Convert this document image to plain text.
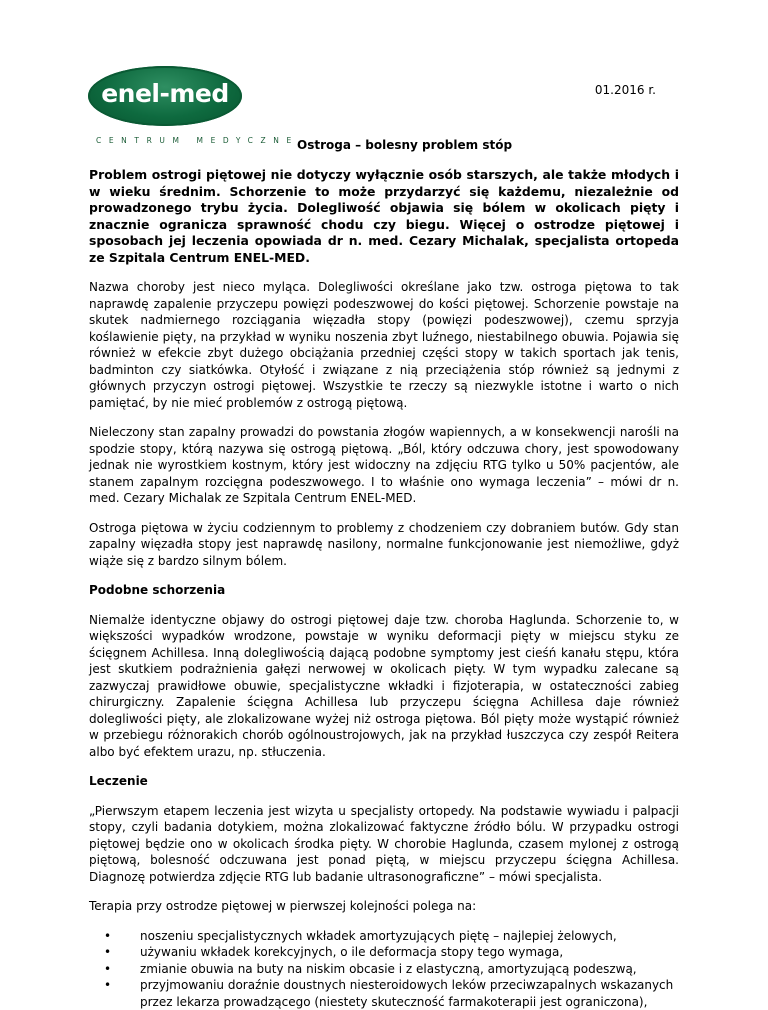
enel-med
CENTRUM MEDYCZNE
01.2016 r.
Ostroga – bolesny problem stóp

Problem ostrogi piętowej nie dotyczy wyłącznie osób starszych, ale także młodych i w wieku średnim. Schorzenie to może przydarzyć się każdemu, niezależnie od prowadzonego trybu życia. Dolegliwość objawia się bólem w okolicach pięty i znacznie ogranicza sprawność chodu czy biegu. Więcej o ostrodze piętowej i sposobach jej leczenia opowiada dr n. med. Cezary Michalak, specjalista ortopeda ze Szpitala Centrum ENEL-MED.

Nazwa choroby jest nieco myląca. Dolegliwości określane jako tzw. ostroga piętowa to tak naprawdę zapalenie przyczepu powięzi podeszwowej do kości piętowej. Schorzenie powstaje na skutek nadmiernego rozciągania więzadła stopy (powięzi podeszwowej), czemu sprzyja koślawienie pięty, na przykład w wyniku noszenia zbyt luźnego, niestabilnego obuwia. Pojawia się również w efekcie zbyt dużego obciążania przedniej części stopy w takich sportach jak tenis, badminton czy siatkówka. Otyłość i związane z nią przeciążenia stóp również są jednymi z głównych przyczyn ostrogi piętowej. Wszystkie te rzeczy są niezwykle istotne i warto o nich pamiętać, by nie mieć problemów z ostrogą piętową.

Nieleczony stan zapalny prowadzi do powstania złogów wapiennych, a w konsekwencji narośli na spodzie stopy, którą nazywa się ostrogą piętową. „Ból, który odczuwa chory, jest spowodowany jednak nie wyrostkiem kostnym, który jest widoczny na zdjęciu RTG tylko u 50% pacjentów, ale stanem zapalnym rozcięgna podeszwowego. I to właśnie ono wymaga leczenia” – mówi dr n. med. Cezary Michalak ze Szpitala Centrum ENEL-MED.

Ostroga piętowa w życiu codziennym to problemy z chodzeniem czy dobraniem butów. Gdy stan zapalny więzadła stopy jest naprawdę nasilony, normalne funkcjonowanie jest niemożliwe, gdyż wiąże się z bardzo silnym bólem.

Podobne schorzenia

Niemalże identyczne objawy do ostrogi piętowej daje tzw. choroba Haglunda. Schorzenie to, w większości wypadków wrodzone, powstaje w wyniku deformacji pięty w miejscu styku ze ścięgnem Achillesa. Inną dolegliwością dającą podobne symptomy jest cieśń kanału stępu, która jest skutkiem podrażnienia gałęzi nerwowej w okolicach pięty. W tym wypadku zalecane są zazwyczaj prawidłowe obuwie, specjalistyczne wkładki i fizjoterapia, w ostateczności zabieg chirurgiczny. Zapalenie ścięgna Achillesa lub przyczepu ścięgna Achillesa daje również dolegliwości pięty, ale zlokalizowane wyżej niż ostroga piętowa. Ból pięty może wystąpić również w przebiegu różnorakich chorób ogólnoustrojowych, jak na przykład łuszczyca czy zespół Reitera albo być efektem urazu, np. stłuczenia.

Leczenie

„Pierwszym etapem leczenia jest wizyta u specjalisty ortopedy. Na podstawie wywiadu i palpacji stopy, czyli badania dotykiem, można zlokalizować faktyczne źródło bólu. W przypadku ostrogi piętowej będzie ono w okolicach środka pięty. W chorobie Haglunda, czasem mylonej z ostrogą piętową, bolesność odczuwana jest ponad piętą, w miejscu przyczepu ścięgna Achillesa. Diagnozę potwierdza zdjęcie RTG lub badanie ultrasonograficzne” – mówi specjalista.

Terapia przy ostrodze piętowej w pierwszej kolejności polega na:

• noszeniu specjalistycznych wkładek amortyzujących piętę – najlepiej żelowych,
• używaniu wkładek korekcyjnych, o ile deformacja stopy tego wymaga,
• zmianie obuwia na buty na niskim obcasie i z elastyczną, amortyzującą podeszwą,
• przyjmowaniu doraźnie doustnych niesteroidowych leków przeciwzapalnych wskazanych przez lekarza prowadzącego (niestety skuteczność farmakoterapii jest ograniczona),
